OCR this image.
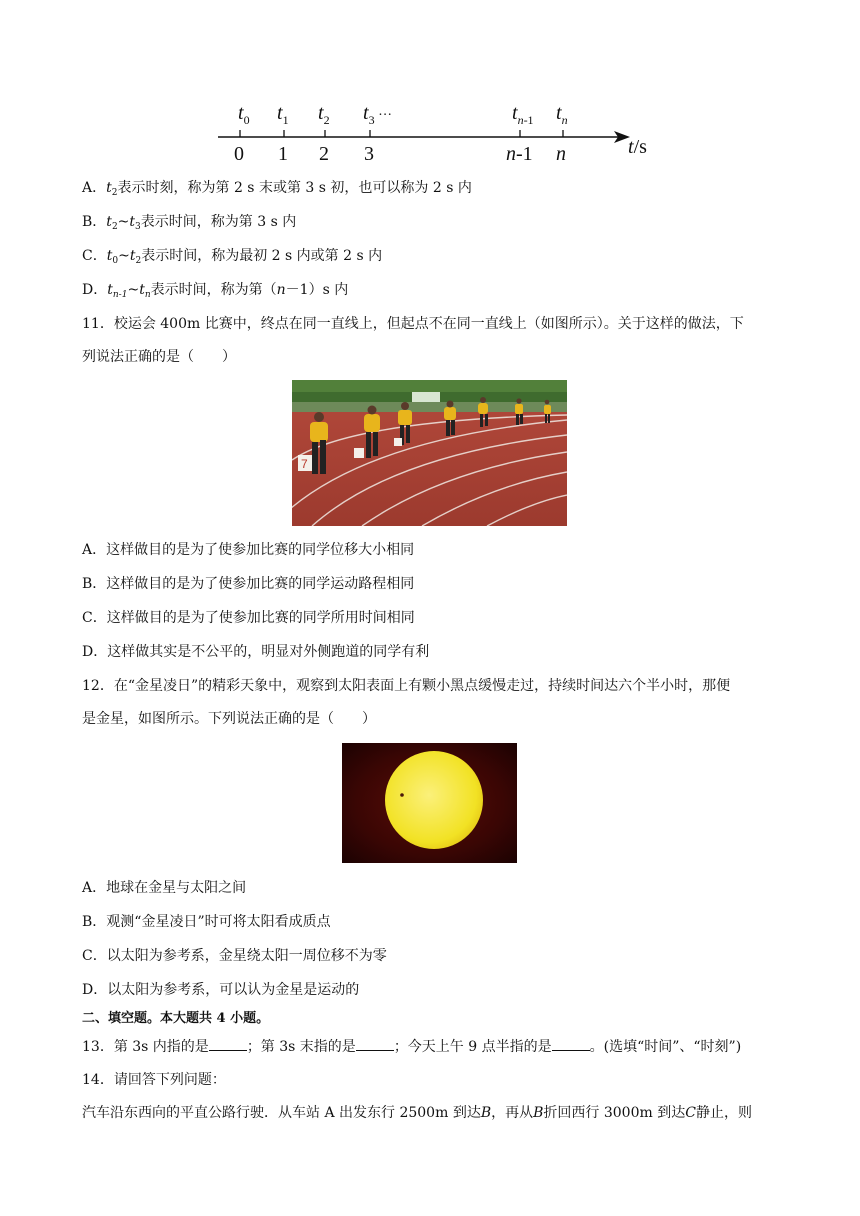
$t_0$ $t_1$ $t_2$ $t_3$ ···	$t_n-1$ $t_n$
0 1 2 3	n-1 n	t/s
A．$t_2$表示时刻，称为第 2 s 末或第 3 s 初，也可以称为 2 s 内
B．$t_2\sim t_3$表示时间，称为第 3 s 内
C．$t_0\sim t_2$表示时间，称为最初 2 s 内或第 2 s 内
D．$t_{n-1}\sim t_n$表示时间，称为第（n－1）s 内
11．校运会 400m 比赛中，终点在同一直线上，但起点不在同一直线上（如图所示）。关于这样的做法，下
列说法正确的是（　　）
7
A．这样做目的是为了使参加比赛的同学位移大小相同
B．这样做目的是为了使参加比赛的同学运动路程相同
C．这样做目的是为了使参加比赛的同学所用时间相同
D．这样做其实是不公平的，明显对外侧跑道的同学有利
12．在“金星凌日”的精彩天象中，观察到太阳表面上有颗小黑点缓慢走过，持续时间达六个半小时，那便
是金星，如图所示。下列说法正确的是（　　）
A．地球在金星与太阳之间
B．观测“金星凌日”时可将太阳看成质点
C．以太阳为参考系，金星绕太阳一周位移不为零
D．以太阳为参考系，可以认为金星是运动的
二、填空题。本大题共 4 小题。
13．第 3s 内指的是	；第 3s 末指的是	；今天上午 9 点半指的是	。(选填“时间”、“时刻”)
14．请回答下列问题：
汽车沿东西向的平直公路行驶．从车站 A 出发东行 2500m 到达B，再从B折回西行 3000m 到达C静止，则
